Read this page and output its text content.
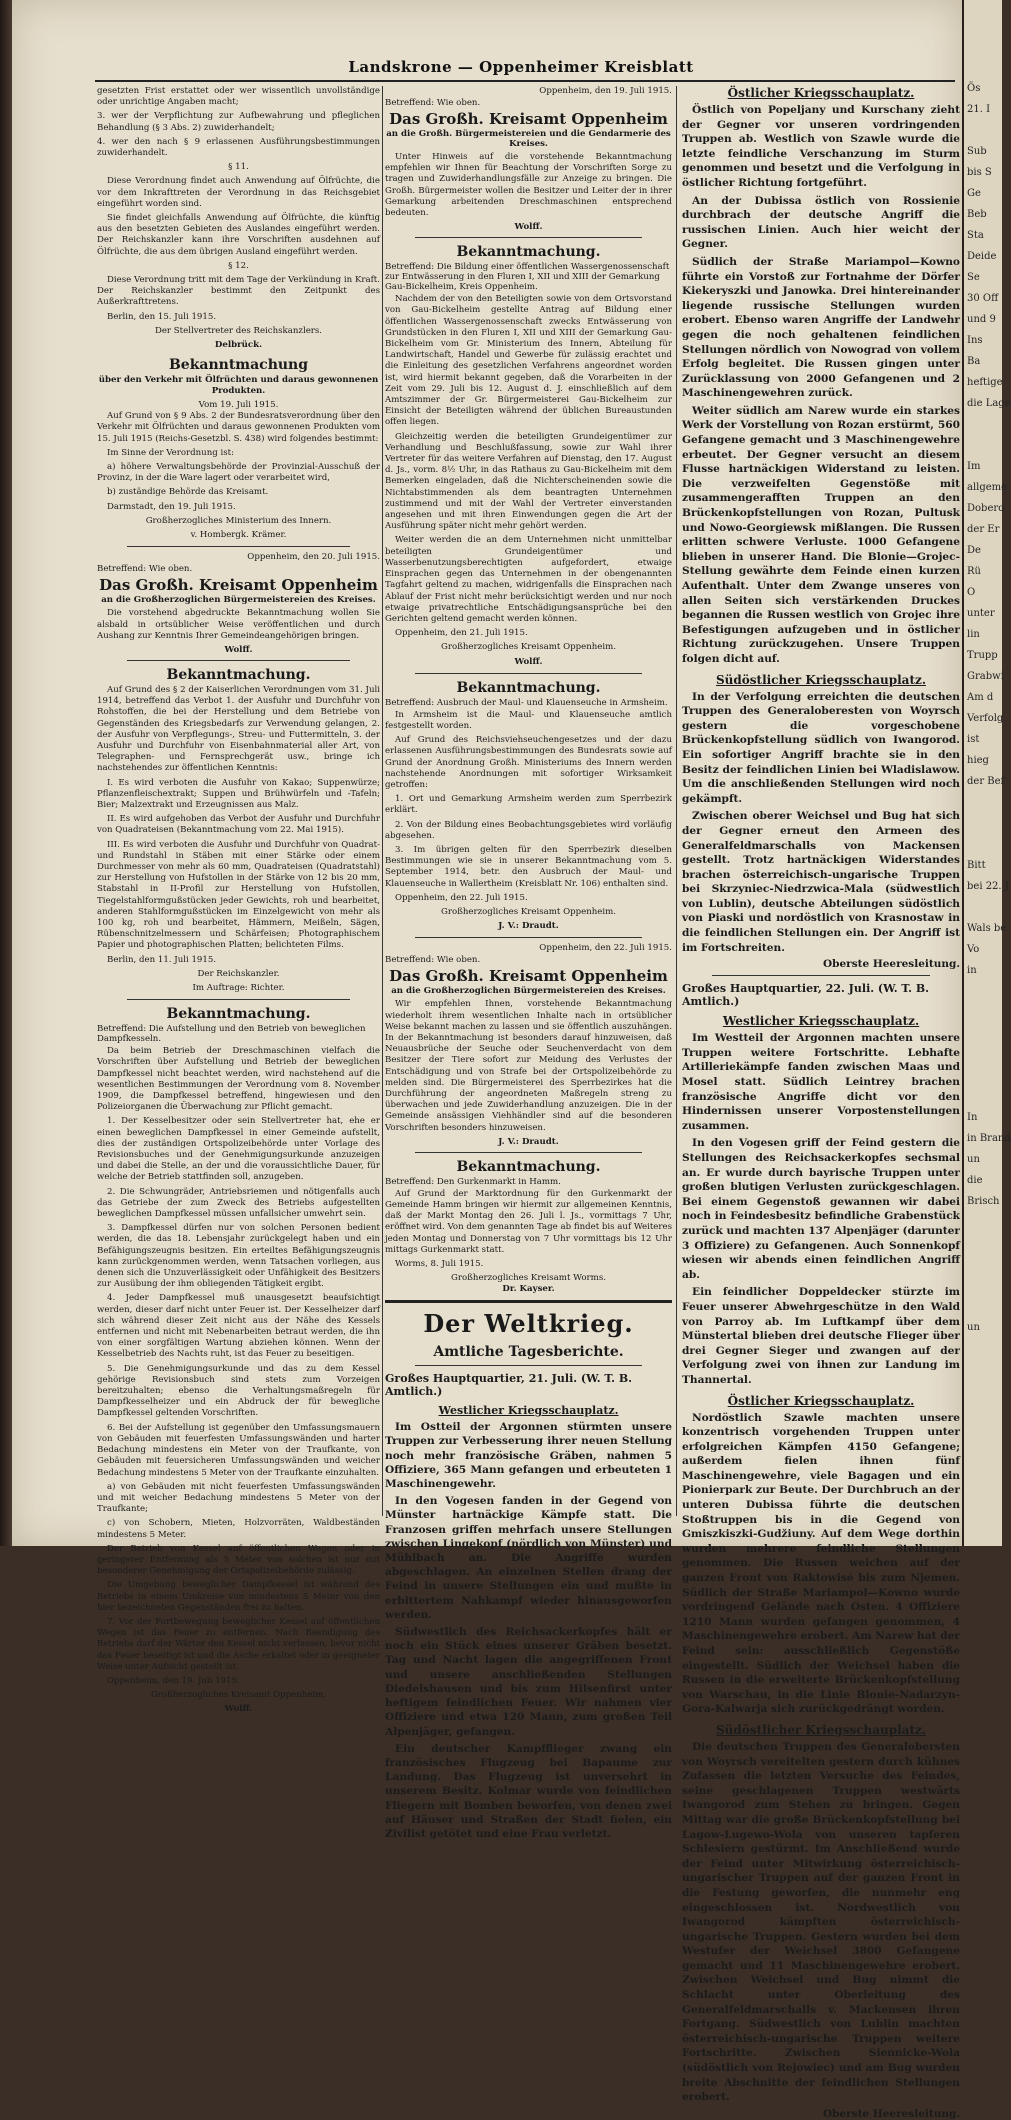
Landskrone — Oppenheimer Kreisblatt

gesetzten Frist erstattet oder wer wissentlich unvollständige oder unrichtige Angaben macht;

3. wer der Verpflichtung zur Aufbewahrung und pfleglichen Behandlung (§ 3 Abs. 2) zuwiderhandelt;

4. wer den nach § 9 erlassenen Ausführungsbestimmungen zuwiderhandelt.

§ 11.

Diese Verordnung findet auch Anwendung auf Ölfrüchte, die vor dem Inkrafttreten der Verordnung in das Reichsgebiet eingeführt worden sind.

Sie findet gleichfalls Anwendung auf Ölfrüchte, die künftig aus den besetzten Gebieten des Auslandes eingeführt werden. Der Reichskanzler kann ihre Vorschriften ausdehnen auf Ölfrüchte, die aus dem übrigen Ausland eingeführt werden.

§ 12.

Diese Verordnung tritt mit dem Tage der Verkündung in Kraft. Der Reichskanzler bestimmt den Zeitpunkt des Außerkrafttretens.

Berlin, den 15. Juli 1915.

Der Stellvertreter des Reichskanzlers.

Delbrück.

Bekanntmachung
über den Verkehr mit Ölfrüchten und daraus gewonnenen Produkten.
Vom 19. Juli 1915.

Auf Grund von § 9 Abs. 2 der Bundesratsverordnung über den Verkehr mit Ölfrüchten und daraus gewonnenen Produkten vom 15. Juli 1915 (Reichs-Gesetzbl. S. 438) wird folgendes bestimmt:

Im Sinne der Verordnung ist:

a) höhere Verwaltungsbehörde der Provinzial-Ausschuß der Provinz, in der die Ware lagert oder verarbeitet wird,

b) zuständige Behörde das Kreisamt.

Darmstadt, den 19. Juli 1915.

Großherzogliches Ministerium des Innern.

v. Hombergk. Krämer.

Oppenheim, den 20. Juli 1915.
Betreffend: Wie oben.
Das Großh. Kreisamt Oppenheim
an die Großherzoglichen Bürgermeistereien des Kreises.

Die vorstehend abgedruckte Bekanntmachung wollen Sie alsbald in ortsüblicher Weise veröffentlichen und durch Aushang zur Kenntnis Ihrer Gemeindeangehörigen bringen.

Wolff.
Bekanntmachung.

Auf Grund des § 2 der Kaiserlichen Verordnungen vom 31. Juli 1914, betreffend das Verbot 1. der Ausfuhr und Durchfuhr von Rohstoffen, die bei der Herstellung und dem Betriebe von Gegenständen des Kriegsbedarfs zur Verwendung gelangen, 2. der Ausfuhr von Verpflegungs-, Streu- und Futtermitteln, 3. der Ausfuhr und Durchfuhr von Eisenbahnmaterial aller Art, von Telegraphen- und Fernsprechgerät usw., bringe ich nachstehendes zur öffentlichen Kenntnis:

I. Es wird verboten die Ausfuhr von Kakao; Suppenwürze; Pflanzenfleischextrakt; Suppen und Brühwürfeln und -Tafeln; Bier; Malzextrakt und Erzeugnissen aus Malz.

II. Es wird aufgehoben das Verbot der Ausfuhr und Durchfuhr von Quadrateisen (Bekanntmachung vom 22. Mai 1915).

III. Es wird verboten die Ausfuhr und Durchfuhr von Quadrat- und Rundstahl in Stäben mit einer Stärke oder einem Durchmesser von mehr als 60 mm, Quadrateisen (Quadratstahl) zur Herstellung von Hufstollen in der Stärke von 12 bis 20 mm, Stabstahl in II-Profil zur Herstellung von Hufstollen, Tiegelstahlformgußstücken jeder Gewichts, roh und bearbeitet, anderen Stahlformgußstücken im Einzelgewicht von mehr als 100 kg, roh und bearbeitet, Hämmern, Meißeln, Sägen, Rübenschnitzelmessern und Schärfeisen; Photographischem Papier und photographischen Platten; belichteten Films.

Berlin, den 11. Juli 1915.

Der Reichskanzler.

Im Auftrage: Richter.

Bekanntmachung.
Betreffend: Die Aufstellung und den Betrieb von beweglichen Dampfkesseln.

Da beim Betrieb der Dreschmaschinen vielfach die Vorschriften über Aufstellung und Betrieb der beweglichen Dampfkessel nicht beachtet werden, wird nachstehend auf die wesentlichen Bestimmungen der Verordnung vom 8. November 1909, die Dampfkessel betreffend, hingewiesen und den Polizeiorganen die Überwachung zur Pflicht gemacht.

1. Der Kesselbesitzer oder sein Stellvertreter hat, ehe er einen beweglichen Dampfkessel in einer Gemeinde aufstellt, dies der zuständigen Ortspolizeibehörde unter Vorlage des Revisionsbuches und der Genehmigungsurkunde anzuzeigen und dabei die Stelle, an der und die voraussichtliche Dauer, für welche der Betrieb stattfinden soll, anzugeben.

2. Die Schwungräder, Antriebsriemen und nötigenfalls auch das Getriebe der zum Zweck des Betriebs aufgestellten beweglichen Dampfkessel müssen unfallsicher umwehrt sein.

3. Dampfkessel dürfen nur von solchen Personen bedient werden, die das 18. Lebensjahr zurückgelegt haben und ein Befähigungszeugnis besitzen. Ein erteiltes Befähigungszeugnis kann zurückgenommen werden, wenn Tatsachen vorliegen, aus denen sich die Unzuverlässigkeit oder Unfähigkeit des Besitzers zur Ausübung der ihm obliegenden Tätigkeit ergibt.

4. Jeder Dampfkessel muß unausgesetzt beaufsichtigt werden, dieser darf nicht unter Feuer ist. Der Kesselheizer darf sich während dieser Zeit nicht aus der Nähe des Kessels entfernen und nicht mit Nebenarbeiten betraut werden, die ihn von einer sorgfältigen Wartung abziehen können. Wenn der Kesselbetrieb des Nachts ruht, ist das Feuer zu beseitigen.

5. Die Genehmigungsurkunde und das zu dem Kessel gehörige Revisionsbuch sind stets zum Vorzeigen bereitzuhalten; ebenso die Verhaltungsmaßregeln für Dampfkesselheizer und ein Abdruck der für bewegliche Dampfkessel geltenden Vorschriften.

6. Bei der Aufstellung ist gegenüber den Umfassungsmauern von Gebäuden mit feuerfesten Umfassungswänden und harter Bedachung mindestens ein Meter von der Traufkante, von Gebäuden mit feuersicheren Umfassungswänden und weicher Bedachung mindestens 5 Meter von der Traufkante einzuhalten.

a) von Gebäuden mit nicht feuerfesten Umfassungswänden und mit weicher Bedachung mindestens 5 Meter von der Traufkante;

c) von Schobern, Mieten, Holzvorräten, Waldbeständen mindestens 5 Meter.

Der Betrieb von Kessel auf öffentlichen Wegen oder in geringerer Entfernung als 5 Meter von solchen ist nur mit besonderer Genehmigung der Ortspolizeibehörde zulässig.

Die Umgebung beweglicher Dampfkessel ist während des Betriebs in einem Umkreise von mindestens 5 Meter von den hier bezeichneten Gegenständen frei zu halten.

7. Vor der Fortbewegung beweglicher Kessel auf öffentlichen Wegen ist das Feuer zu entfernen. Nach Beendigung des Betriebs darf der Wärter den Kessel nicht verlassen, bevor nicht das Feuer beseitigt ist und die Asche erkaltet oder in geeigneter Weise unter Aufsicht gestellt ist.

Oppenheim, den 19. Juli 1915.

Großherzogliches Kreisamt Oppenheim.

Wolff.

Oppenheim, den 19. Juli 1915.
Betreffend: Wie oben.
Das Großh. Kreisamt Oppenheim
an die Großh. Bürgermeistereien und die Gendarmerie des Kreises.

Unter Hinweis auf die vorstehende Bekanntmachung empfehlen wir Ihnen für Beachtung der Vorschriften Sorge zu tragen und Zuwiderhandlungsfälle zur Anzeige zu bringen. Die Großh. Bürgermeister wollen die Besitzer und Leiter der in ihrer Gemarkung arbeitenden Dreschmaschinen entsprechend bedeuten.

Wolff.
Bekanntmachung.
Betreffend: Die Bildung einer öffentlichen Wassergenossenschaft zur Entwässerung in den Fluren I, XII und XIII der Gemarkung Gau-Bickelheim, Kreis Oppenheim.

Nachdem der von den Beteiligten sowie von dem Ortsvorstand von Gau-Bickelheim gestellte Antrag auf Bildung einer öffentlichen Wassergenossenschaft zwecks Entwässerung von Grundstücken in den Fluren I, XII und XIII der Gemarkung Gau-Bickelheim vom Gr. Ministerium des Innern, Abteilung für Landwirtschaft, Handel und Gewerbe für zulässig erachtet und die Einleitung des gesetzlichen Verfahrens angeordnet worden ist, wird hiermit bekannt gegeben, daß die Vorarbeiten in der Zeit vom 29. Juli bis 12. August d. J. einschließlich auf dem Amtszimmer der Gr. Bürgermeisterei Gau-Bickelheim zur Einsicht der Beteiligten während der üblichen Bureaustunden offen liegen.

Gleichzeitig werden die beteiligten Grundeigentümer zur Verhandlung und Beschlußfassung, sowie zur Wahl ihrer Vertreter für das weitere Verfahren auf Dienstag, den 17. August d. Js., vorm. 8½ Uhr, in das Rathaus zu Gau-Bickelheim mit dem Bemerken eingeladen, daß die Nichterscheinenden sowie die Nichtabstimmenden als dem beantragten Unternehmen zustimmend und mit der Wahl der Vertreter einverstanden angesehen und mit ihren Einwendungen gegen die Art der Ausführung später nicht mehr gehört werden.

Weiter werden die an dem Unternehmen nicht unmittelbar beteiligten Grundeigentümer und Wasserbenutzungsberechtigten aufgefordert, etwaige Einsprachen gegen das Unternehmen in der obengenannten Tagfahrt geltend zu machen, widrigenfalls die Einsprachen nach Ablauf der Frist nicht mehr berücksichtigt werden und nur noch etwaige privatrechtliche Entschädigungsansprüche bei den Gerichten geltend gemacht werden können.

Oppenheim, den 21. Juli 1915.

Großherzogliches Kreisamt Oppenheim.

Wolff.

Bekanntmachung.
Betreffend: Ausbruch der Maul- und Klauenseuche in Armsheim.

In Armsheim ist die Maul- und Klauenseuche amtlich festgestellt worden.

Auf Grund des Reichsviehseuchengesetzes und der dazu erlassenen Ausführungsbestimmungen des Bundesrats sowie auf Grund der Anordnung Großh. Ministeriums des Innern werden nachstehende Anordnungen mit sofortiger Wirksamkeit getroffen:

1. Ort und Gemarkung Armsheim werden zum Sperrbezirk erklärt.

2. Von der Bildung eines Beobachtungsgebietes wird vorläufig abgesehen.

3. Im übrigen gelten für den Sperrbezirk dieselben Bestimmungen wie sie in unserer Bekanntmachung vom 5. September 1914, betr. den Ausbruch der Maul- und Klauenseuche in Wallertheim (Kreisblatt Nr. 106) enthalten sind.

Oppenheim, den 22. Juli 1915.

Großherzogliches Kreisamt Oppenheim.

J. V.: Draudt.

Oppenheim, den 22. Juli 1915.
Betreffend: Wie oben.
Das Großh. Kreisamt Oppenheim
an die Großherzoglichen Bürgermeistereien des Kreises.

Wir empfehlen Ihnen, vorstehende Bekanntmachung wiederholt ihrem wesentlichen Inhalte nach in ortsüblicher Weise bekannt machen zu lassen und sie öffentlich auszuhängen. In der Bekanntmachung ist besonders darauf hinzuweisen, daß Neuausbrüche der Seuche oder Seuchenverdacht von dem Besitzer der Tiere sofort zur Meidung des Verlustes der Entschädigung und von Strafe bei der Ortspolizeibehörde zu melden sind. Die Bürgermeisterei des Sperrbezirkes hat die Durchführung der angeordneten Maßregeln streng zu überwachen und jede Zuwiderhandlung anzuzeigen. Die in der Gemeinde ansässigen Viehhändler sind auf die besonderen Vorschriften besonders hinzuweisen.

J. V.: Draudt.
Bekanntmachung.
Betreffend: Den Gurkenmarkt in Hamm.

Auf Grund der Marktordnung für den Gurkenmarkt der Gemeinde Hamm bringen wir hiermit zur allgemeinen Kenntnis, daß der Markt Montag den 26. Juli l. Js., vormittags 7 Uhr, eröffnet wird. Von dem genannten Tage ab findet bis auf Weiteres jeden Montag und Donnerstag von 7 Uhr vormittags bis 12 Uhr mittags Gurkenmarkt statt.

Worms, 8. Juli 1915.

Großherzogliches Kreisamt Worms.
Dr. Kayser.
Der Weltkrieg.
Amtliche Tagesberichte.
Großes Hauptquartier, 21. Juli. (W. T. B. Amtlich.)
Westlicher Kriegsschauplatz.

Im Ostteil der Argonnen stürmten unsere Truppen zur Verbesserung ihrer neuen Stellung noch mehr französische Gräben, nahmen 5 Offiziere, 365 Mann gefangen und erbeuteten 1 Maschinengewehr.

In den Vogesen fanden in der Gegend von Münster hartnäckige Kämpfe statt. Die Franzosen griffen mehrfach unsere Stellungen zwischen Lingekopf (nördlich von Münster) und Mühlbach an. Die Angriffe wurden abgeschlagen. An einzelnen Stellen drang der Feind in unsere Stellungen ein und mußte in erbittertem Nahkampf wieder hinausgeworfen werden.

Südwestlich des Reichsackerkopfes hält er noch ein Stück eines unserer Gräben besetzt. Tag und Nacht lagen die angegriffenen Front und unsere anschließenden Stellungen Diedelshausen und bis zum Hilsenfirst unter heftigem feindlichen Feuer. Wir nahmen vier Offiziere und etwa 120 Mann, zum großen Teil Alpenjäger, gefangen.

Ein deutscher Kampfflieger zwang ein französisches Flugzeug bei Bapaume zur Landung. Das Flugzeug ist unversehrt in unserem Besitz. Kolmar wurde von feindlichen Fliegern mit Bomben beworfen, von denen zwei auf Häuser und Straßen der Stadt fielen, ein Zivilist getötet und eine Frau verletzt.

Östlicher Kriegsschauplatz.

Östlich von Popeljany und Kurschany zieht der Gegner vor unseren vordringenden Truppen ab. Westlich von Szawle wurde die letzte feindliche Verschanzung im Sturm genommen und besetzt und die Verfolgung in östlicher Richtung fortgeführt.

An der Dubissa östlich von Rossienie durchbrach der deutsche Angriff die russischen Linien. Auch hier weicht der Gegner.

Südlich der Straße Mariampol—Kowno führte ein Vorstoß zur Fortnahme der Dörfer Kiekeryszki und Janowka. Drei hintereinander liegende russische Stellungen wurden erobert. Ebenso waren Angriffe der Landwehr gegen die noch gehaltenen feindlichen Stellungen nördlich von Nowograd von vollem Erfolg begleitet. Die Russen gingen unter Zurücklassung von 2000 Gefangenen und 2 Maschinengewehren zurück.

Weiter südlich am Narew wurde ein starkes Werk der Vorstellung von Rozan erstürmt, 560 Gefangene gemacht und 3 Maschinengewehre erbeutet. Der Gegner versucht an diesem Flusse hartnäckigen Widerstand zu leisten. Die verzweifelten Gegenstöße mit zusammengerafften Truppen an den Brückenkopfstellungen von Rozan, Pultusk und Nowo-Georgiewsk mißlangen. Die Russen erlitten schwere Verluste. 1000 Gefangene blieben in unserer Hand. Die Blonie—Grojec-Stellung gewährte dem Feinde einen kurzen Aufenthalt. Unter dem Zwange unseres von allen Seiten sich verstärkenden Druckes begannen die Russen westlich von Grojec ihre Befestigungen aufzugeben und in östlicher Richtung zurückzugehen. Unsere Truppen folgen dicht auf.

Südöstlicher Kriegsschauplatz.

In der Verfolgung erreichten die deutschen Truppen des Generaloberesten von Woyrsch gestern die vorgeschobene Brückenkopfstellung südlich von Iwangorod. Ein sofortiger Angriff brachte sie in den Besitz der feindlichen Linien bei Wladislawow. Um die anschließenden Stellungen wird noch gekämpft.

Zwischen oberer Weichsel und Bug hat sich der Gegner erneut den Armeen des Generalfeldmarschalls von Mackensen gestellt. Trotz hartnäckigen Widerstandes brachen österreichisch-ungarische Truppen bei Skrzyniec-Niedrzwica-Mala (südwestlich von Lublin), deutsche Abteilungen südöstlich von Piaski und nordöstlich von Krasnostaw in die feindlichen Stellungen ein. Der Angriff ist im Fortschreiten.

Oberste Heeresleitung.
Großes Hauptquartier, 22. Juli. (W. T. B. Amtlich.)
Westlicher Kriegsschauplatz.

Im Westteil der Argonnen machten unsere Truppen weitere Fortschritte. Lebhafte Artilleriekämpfe fanden zwischen Maas und Mosel statt. Südlich Leintrey brachen französische Angriffe dicht vor den Hindernissen unserer Vorpostenstellungen zusammen.

In den Vogesen griff der Feind gestern die Stellungen des Reichsackerkopfes sechsmal an. Er wurde durch bayrische Truppen unter großen blutigen Verlusten zurückgeschlagen. Bei einem Gegenstoß gewannen wir dabei noch in Feindesbesitz befindliche Grabenstück zurück und machten 137 Alpenjäger (darunter 3 Offiziere) zu Gefangenen. Auch Sonnenkopf wiesen wir abends einen feindlichen Angriff ab.

Ein feindlicher Doppeldecker stürzte im Feuer unserer Abwehrgeschütze in den Wald von Parroy ab. Im Luftkampf über dem Münstertal blieben drei deutsche Flieger über drei Gegner Sieger und zwangen auf der Verfolgung zwei von ihnen zur Landung im Thannertal.

Östlicher Kriegsschauplatz.

Nordöstlich Szawle machten unsere konzentrisch vorgehenden Truppen unter erfolgreichen Kämpfen 4150 Gefangene; außerdem fielen ihnen fünf Maschinengewehre, viele Bagagen und ein Pionierpark zur Beute. Der Durchbruch an der unteren Dubissa führte die deutschen Stoßtruppen bis in die Gegend von Gmiszkiszki-Gudžiuny. Auf dem Wege dorthin wurden mehrere feindliche Stellungen genommen. Die Russen weichen auf der ganzen Front von Raktowisé bis zum Njemen. Südlich der Straße Mariampol—Kowno wurde vordringend Gelände nach Osten. 4 Offiziere 1210 Mann wurden gefangen genommen, 4 Maschinengewehre erobert. Am Narew hat der Feind sein: ausschließlich Gegenstöße eingestellt. Südlich der Weichsel haben die Russen in die erweiterte Brückenkopfstellung von Warschau, in die Linie Blonie-Nadarzyn-Gora-Kalwarja sich zurückgedrängt worden.

Südöstlicher Kriegsschauplatz.

Die deutschen Truppen des Generalobersten von Woyrsch vereitelten gestern durch kühnes Zufassen die letzten Versuche des Feindes, seine geschlagenen Truppen westwärts Iwangorod zum Stehen zu bringen. Gegen Mittag war die große Brückenkopfstellung bei Lagow-Lugewo-Wola von unseren tapferen Schlesiern gestürmt. Im Anschließend wurde der Feind unter Mitwirkung österreichisch-ungarischer Truppen auf der ganzen Front in die Festung geworfen, die nunmehr eng eingeschlossen ist. Nordwestlich von Iwangorod kämpften österreichisch-ungarische Truppen. Gestern wurden bei dem Westufer der Weichsel 3800 Gefangene gemacht und 11 Maschinengewehre erobert. Zwischen Weichsel und Bug nimmt die Schlacht unter Oberleitung des Generalfeldmarschalls v. Mackensen ihren Fortgang. Südwestlich von Lublin machten österreichisch-ungarische Truppen weitere Fortschritte. Zwischen Siennicke-Wola (südöstlich von Rejowiec) und am Bug wurden breite Abschnitte der feindlichen Stellungen erobert.

Oberste Heeresleitung.
Ös
21. I

Sub
bis S
Ge
Beb
Sta
Deide
Se
30 Off
und 9
Ins
Ba
heftige
die Lage

Im
allgeme
Dobero
der Er
De
Rü
O
unter
lin
Trupp
Grabwi
Am d
Verfolg
ist
hieg
der Bef

Bitt
bei 22. J

Wals be
Vo
in

In
in Brand
un
die
Brisch

un
